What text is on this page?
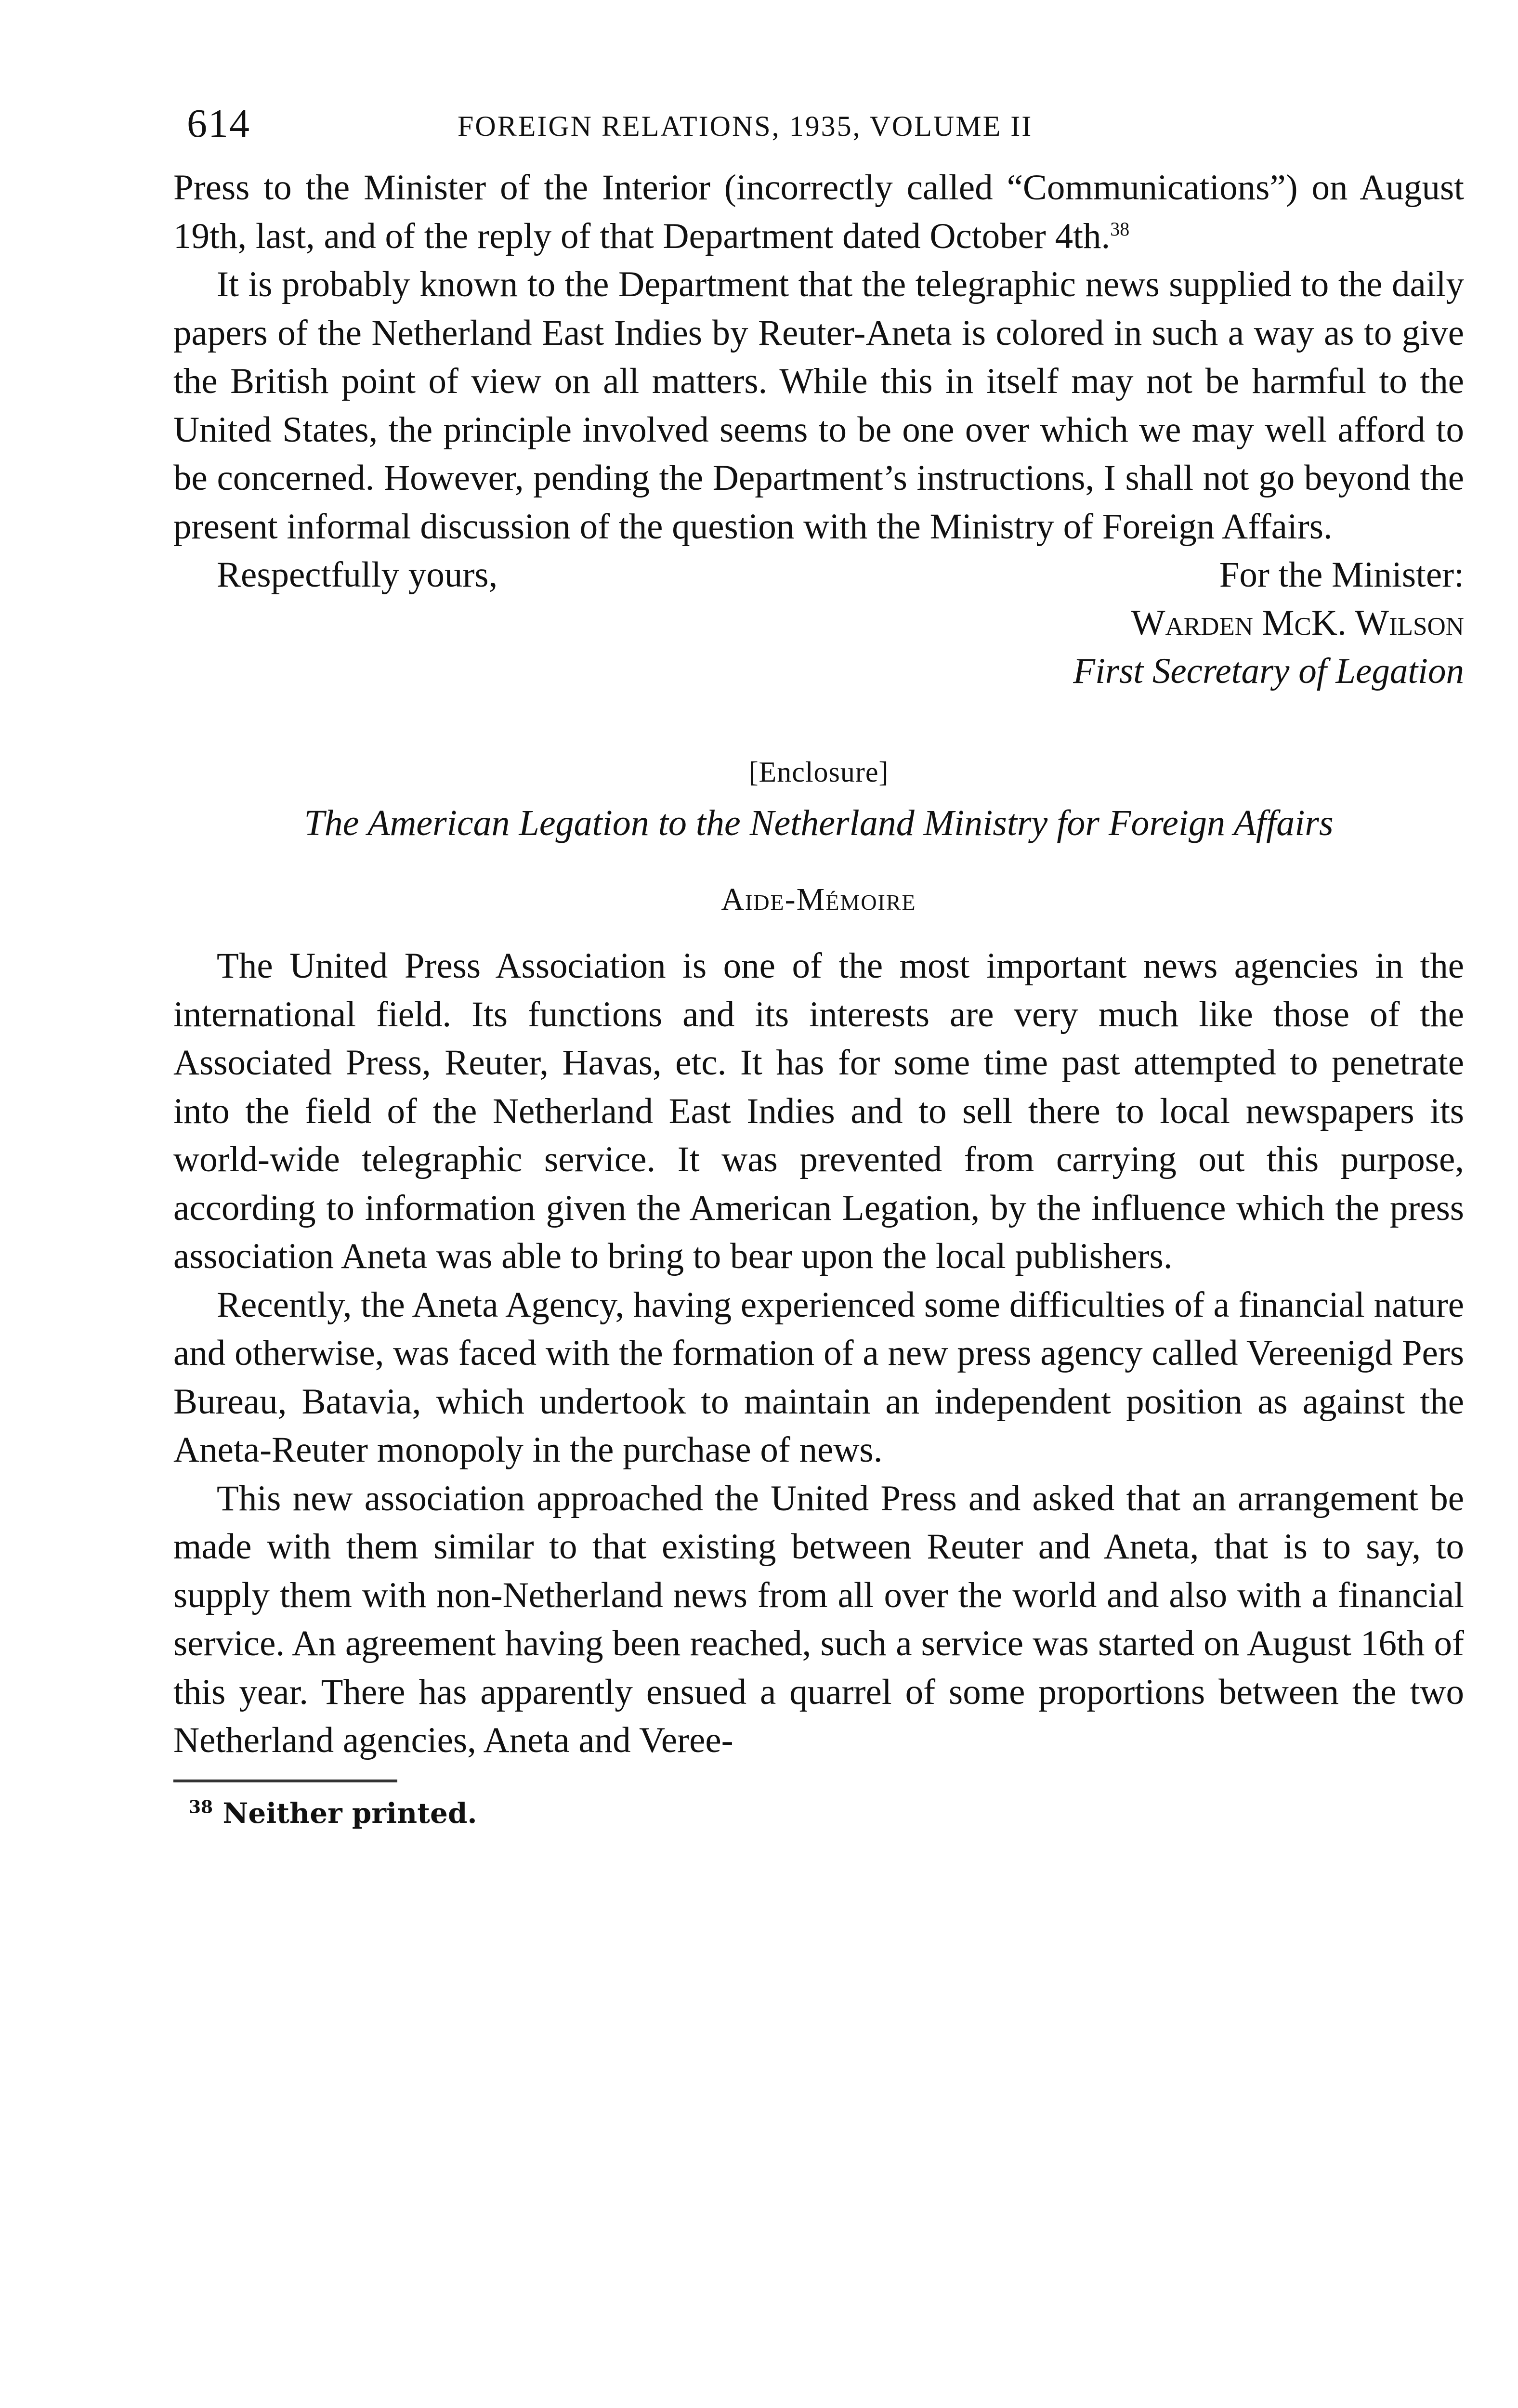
614	FOREIGN RELATIONS, 1935, VOLUME II

Press to the Minister of the Interior (incorrectly called “Communications”) on August 19th, last, and of the reply of that Department dated October 4th.$^{38}$

It is probably known to the Department that the telegraphic news supplied to the daily papers of the Netherland East Indies by Reuter-Aneta is colored in such a way as to give the British point of view on all matters. While this in itself may not be harmful to the United States, the principle involved seems to be one over which we may well afford to be concerned. However, pending the Department’s instructions, I shall not go beyond the present informal discussion of the question with the Ministry of Foreign Affairs.

Respectfully yours,	For the Minister:
Warden McK. Wilson
First Secretary of Legation
[Enclosure]
The American Legation to the Netherland Ministry for Foreign Affairs
Aide-Mémoire

The United Press Association is one of the most important news agencies in the international field. Its functions and its interests are very much like those of the Associated Press, Reuter, Havas, etc. It has for some time past attempted to penetrate into the field of the Netherland East Indies and to sell there to local newspapers its world-wide telegraphic service. It was prevented from carrying out this purpose, according to information given the American Legation, by the influence which the press association Aneta was able to bring to bear upon the local publishers.

Recently, the Aneta Agency, having experienced some difficulties of a financial nature and otherwise, was faced with the formation of a new press agency called Vereenigd Pers Bureau, Batavia, which undertook to maintain an independent position as against the Aneta-Reuter monopoly in the purchase of news.

This new association approached the United Press and asked that an arrangement be made with them similar to that existing between Reuter and Aneta, that is to say, to supply them with non-Netherland news from all over the world and also with a financial service. An agreement having been reached, such a service was started on August 16th of this year. There has apparently ensued a quarrel of some proportions between the two Netherland agencies, Aneta and Veree-

$^{38}$ Neither printed.
